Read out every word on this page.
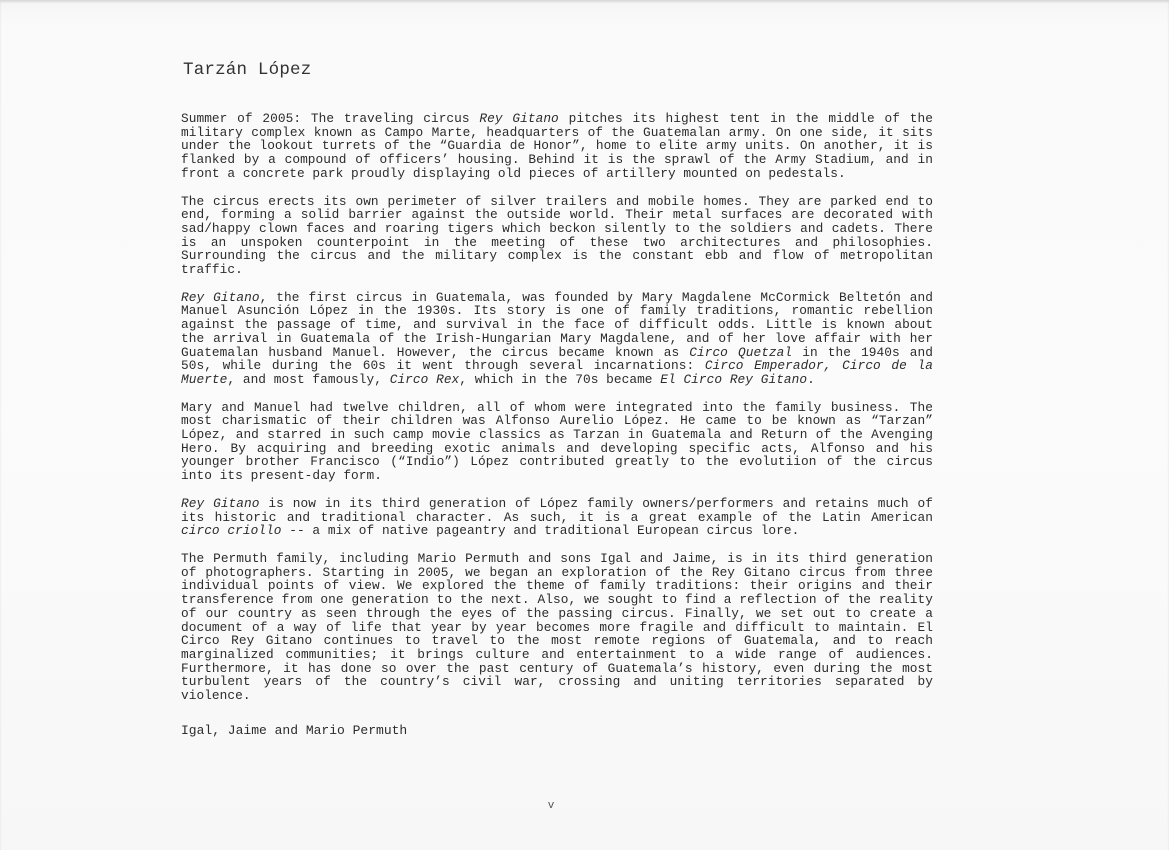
Tarzán López

Summer of 2005: The traveling circus Rey Gitano pitches its highest tent in the middle of the military complex known as Campo Marte, headquarters of the Guatemalan army. On one side, it sits under the lookout turrets of the “Guardia de Honor”, home to elite army units. On another, it is flanked by a compound of officers’ housing. Behind it is the sprawl of the Army Stadium, and in front a concrete park proudly displaying old pieces of artillery mounted on pedestals.

The circus erects its own perimeter of silver trailers and mobile homes. They are parked end to end, forming a solid barrier against the outside world. Their metal surfaces are decorated with sad/happy clown faces and roaring tigers which beckon silently to the soldiers and cadets. There is an unspoken counterpoint in the meeting of these two architectures and philosophies. Surrounding the circus and the military complex is the constant ebb and flow of metropolitan traffic.

Rey Gitano, the first circus in Guatemala, was founded by Mary Magdalene McCormick Beltetón and Manuel Asunción López in the 1930s. Its story is one of family traditions, romantic rebellion against the passage of time, and survival in the face of difficult odds. Little is known about the arrival in Guatemala of the Irish-Hungarian Mary Magdalene, and of her love affair with her Guatemalan husband Manuel. However, the circus became known as Circo Quetzal in the 1940s and 50s, while during the 60s it went through several incarnations: Circo Emperador, Circo de la Muerte, and most famously, Circo Rex, which in the 70s became El Circo Rey Gitano.

Mary and Manuel had twelve children, all of whom were integrated into the family business. The most charismatic of their children was Alfonso Aurelio López. He came to be known as “Tarzan” López, and starred in such camp movie classics as Tarzan in Guatemala and Return of the Avenging Hero. By acquiring and breeding exotic animals and developing specific acts, Alfonso and his younger brother Francisco (“Indio”) López contributed greatly to the evolutiion of the circus into its present-day form.

Rey Gitano is now in its third generation of López family owners/performers and retains much of its historic and traditional character. As such, it is a great example of the Latin American circo criollo -- a mix of native pageantry and traditional European circus lore.

The Permuth family, including Mario Permuth and sons Igal and Jaime, is in its third generation of photographers. Starting in 2005, we began an exploration of the Rey Gitano circus from three individual points of view. We explored the theme of family traditions: their origins and their transference from one generation to the next. Also, we sought to find a reflection of the reality of our country as seen through the eyes of the passing circus. Finally, we set out to create a document of a way of life that year by year becomes more fragile and difficult to maintain. El Circo Rey Gitano continues to travel to the most remote regions of Guatemala, and to reach marginalized communities; it brings culture and entertainment to a wide range of audiences. Furthermore, it has done so over the past century of Guatemala’s history, even during the most turbulent years of the country’s civil war, crossing and uniting territories separated by violence.

Igal, Jaime and Mario Permuth

v
